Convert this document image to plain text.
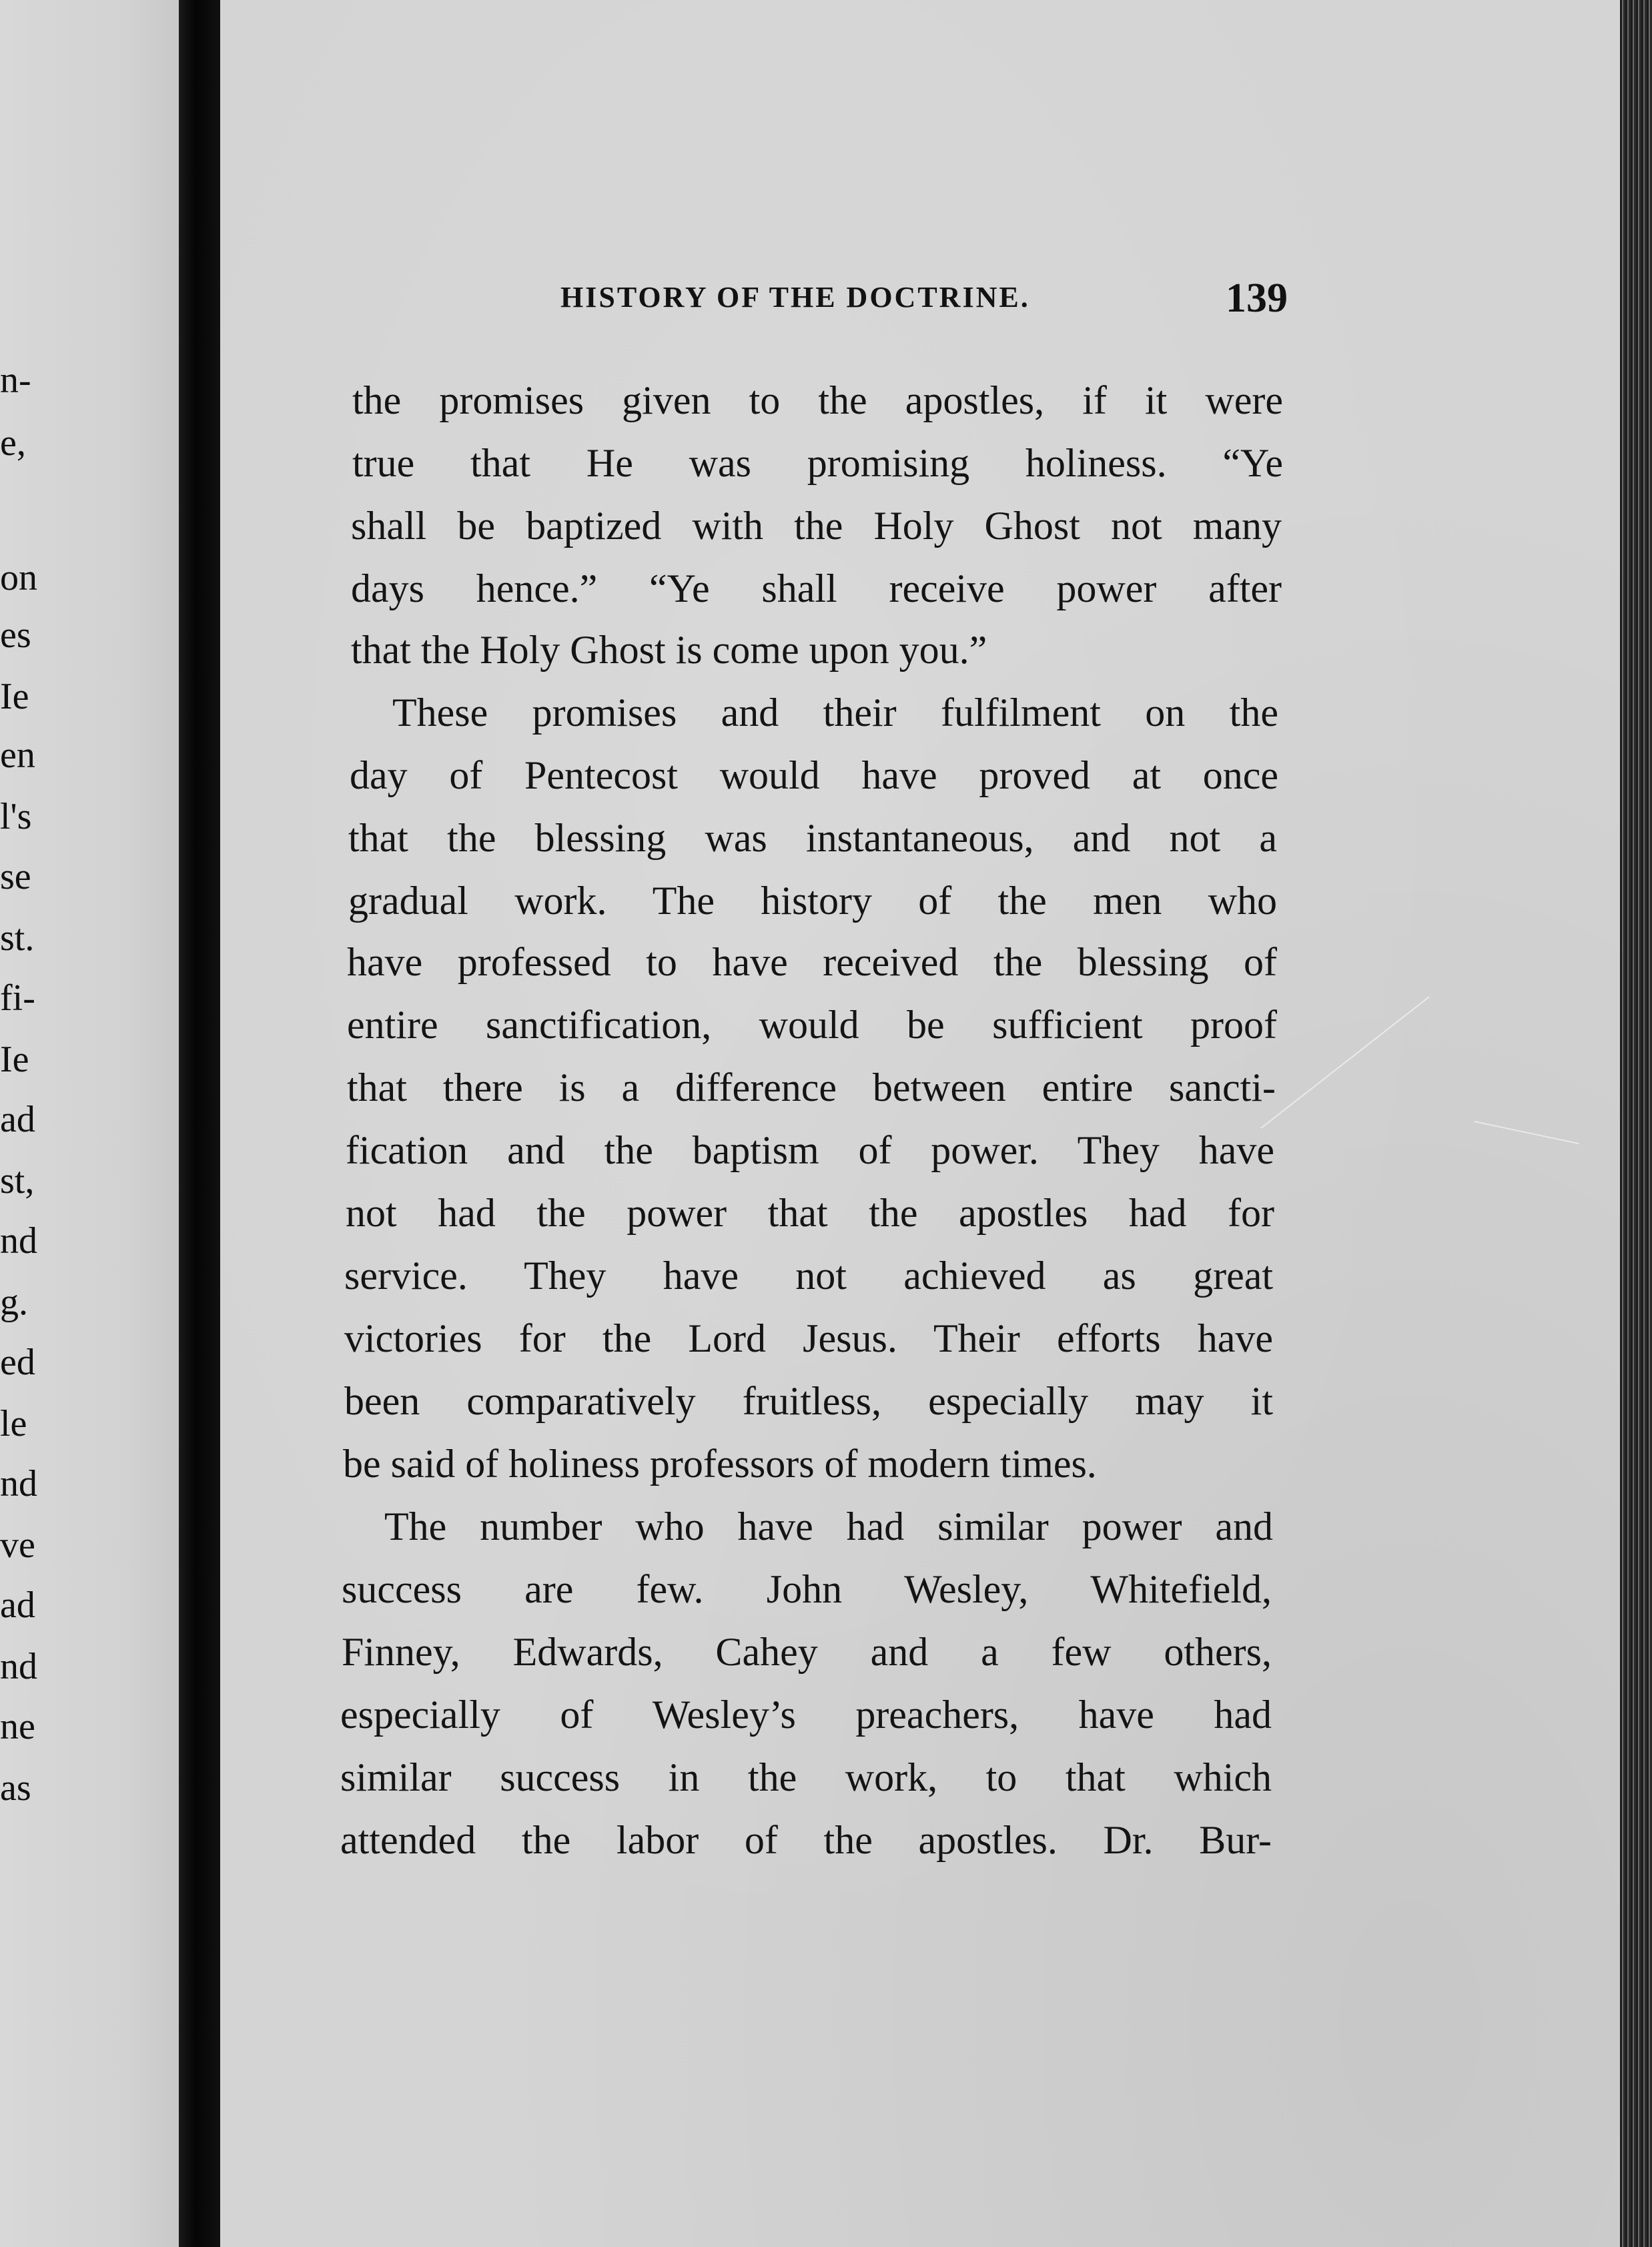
n-
e,
on
es
Ie
en
l's
se
st.
fi-
Ie
ad
st,
nd
g.
ed
le
nd
ve
ad
nd
ne
as
HISTORY OF THE DOCTRINE.	139
the promises given to the apostles, if it were
true that He was promising holiness. “Ye
shall be baptized with the Holy Ghost not many
days hence.” “Ye shall receive power after
that the Holy Ghost is come upon you.”
These promises and their fulfilment on the
day of Pentecost would have proved at once
that the blessing was instantaneous, and not a
gradual work. The history of the men who
have professed to have received the blessing of
entire sanctification, would be sufficient proof
that there is a difference between entire sancti-
fication and the baptism of power. They have
not had the power that the apostles had for
service. They have not achieved as great
victories for the Lord Jesus. Their efforts have
been comparatively fruitless, especially may it
be said of holiness professors of modern times.
The number who have had similar power and
success are few. John Wesley, Whitefield,
Finney, Edwards, Cahey and a few others,
especially of Wesley’s preachers, have had
similar success in the work, to that which
attended the labor of the apostles. Dr. Bur-
